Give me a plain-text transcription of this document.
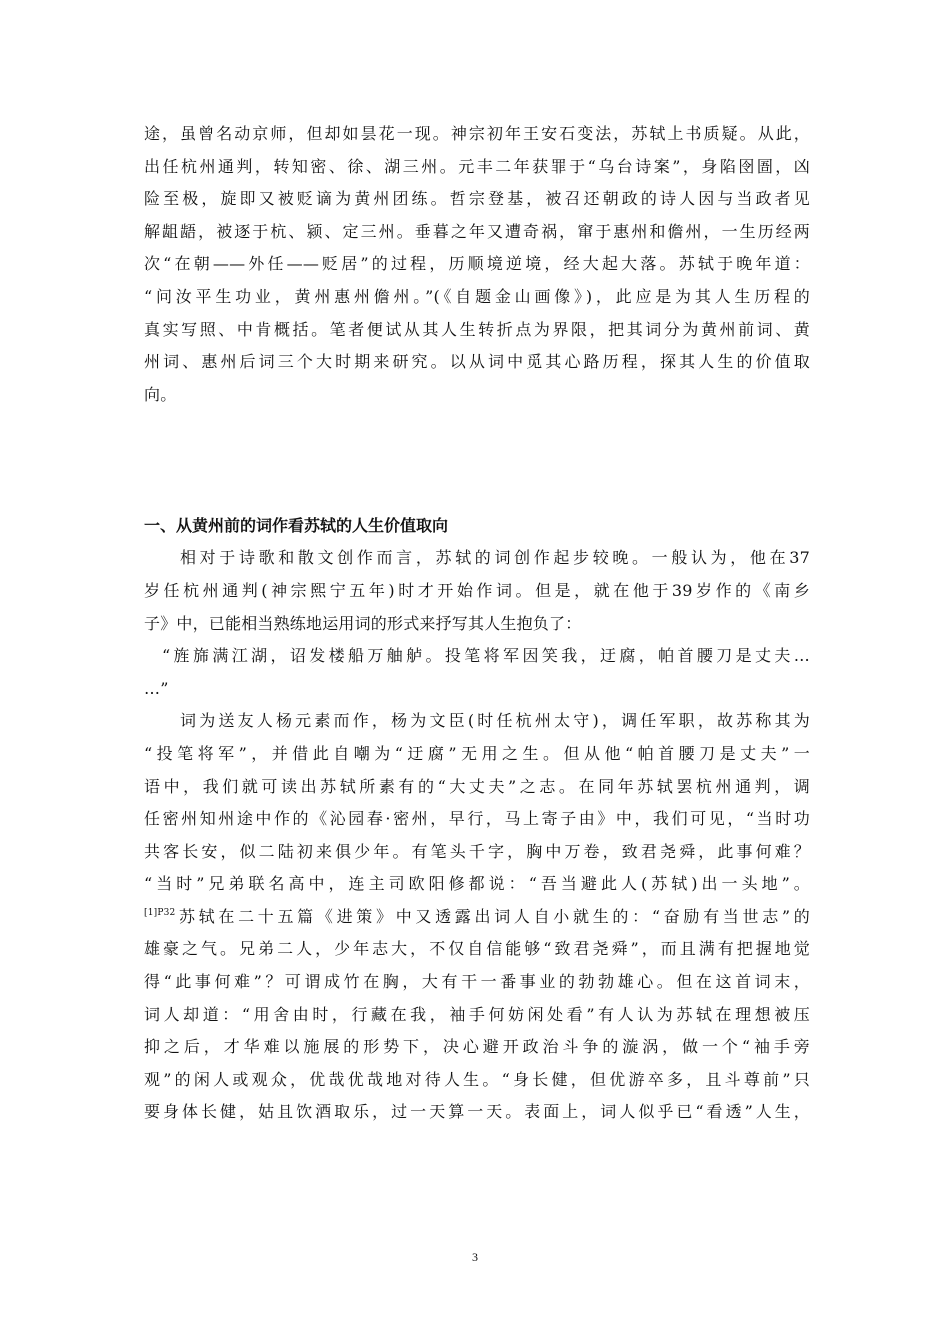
途，虽曾名动京师，但却如昙花一现。神宗初年王安石变法，苏轼上书质疑。从此，
出任杭州通判，转知密、徐、湖三州。元丰二年获罪于“乌台诗案”，身陷囹圄，凶
险至极，旋即又被贬谪为黄州团练。哲宗登基，被召还朝政的诗人因与当政者见
解龃龉，被逐于杭、颍、定三州。垂暮之年又遭奇祸，窜于惠州和儋州，一生历经两
次“在朝——外任——贬居”的过程，历顺境逆境，经大起大落。苏轼于晚年道：
“问汝平生功业，黄州惠州儋州。”(《自题金山画像》)，此应是为其人生历程的
真实写照、中肯概括。笔者便试从其人生转折点为界限，把其词分为黄州前词、黄
州词、惠州后词三个大时期来研究。以从词中觅其心路历程，探其人生的价值取
向。
一、从黄州前的词作看苏轼的人生价值取向
相对于诗歌和散文创作而言，苏轼的词创作起步较晚。一般认为，他在37
岁任杭州通判(神宗熙宁五年)时才开始作词。但是，就在他于39岁作的《南乡
子》中，已能相当熟练地运用词的形式来抒写其人生抱负了：
“旌旆满江湖，诏发楼船万舳舻。投笔将军因笑我，迂腐，帕首腰刀是丈夫…
…”
词为送友人杨元素而作，杨为文臣(时任杭州太守)，调任军职，故苏称其为
“投笔将军”，并借此自嘲为“迂腐”无用之生。但从他“帕首腰刀是丈夫”一
语中，我们就可读出苏轼所素有的“大丈夫”之志。在同年苏轼罢杭州通判，调
任密州知州途中作的《沁园春·密州，早行，马上寄子由》中，我们可见，“当时功
共客长安，似二陆初来俱少年。有笔头千字，胸中万卷，致君尧舜，此事何难？
“当时”兄弟联名高中，连主司欧阳修都说：“吾当避此人(苏轼)出一头地”。
$^{[1]P32}$苏轼在二十五篇《进策》中又透露出词人自小就生的：“奋励有当世志”的
雄豪之气。兄弟二人，少年志大，不仅自信能够“致君尧舜”，而且满有把握地觉
得“此事何难”？可谓成竹在胸，大有干一番事业的勃勃雄心。但在这首词末，
词人却道：“用舍由时，行藏在我，袖手何妨闲处看”有人认为苏轼在理想被压
抑之后，才华难以施展的形势下，决心避开政治斗争的漩涡，做一个“袖手旁
观”的闲人或观众，优哉优哉地对待人生。“身长健，但优游卒多，且斗尊前”只
要身体长健，姑且饮酒取乐，过一天算一天。表面上，词人似乎已“看透”人生，
3
